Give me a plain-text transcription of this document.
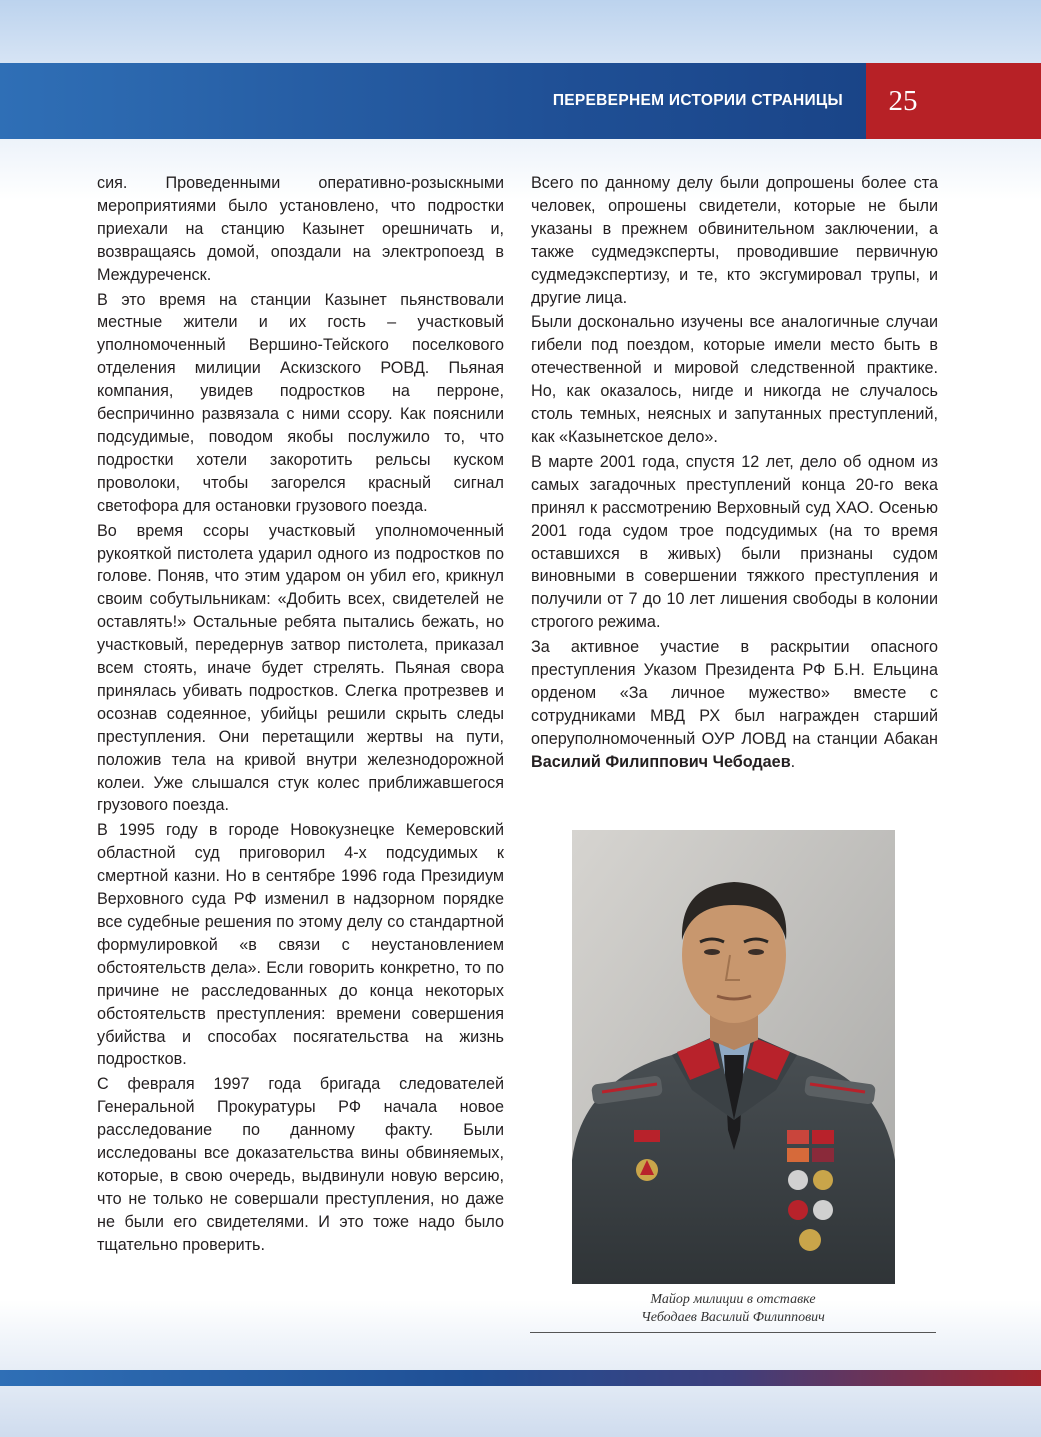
ПЕРЕВЕРНЕМ ИСТОРИИ СТРАНИЦЫ	25

сия. Проведенными оперативно-розыскными мероприятиями было установлено, что подростки приехали на станцию Казынет орешничать и, возвращаясь домой, опоздали на электропоезд в Междуреченск.

В это время на станции Казынет пьянствовали местные жители и их гость – участковый уполномоченный Вершино-Тейского поселкового отделения милиции Аскизского РОВД. Пьяная компания, увидев подростков на перроне, беспричинно развязала с ними ссору. Как пояснили подсудимые, поводом якобы послужило то, что подростки хотели закоротить рельсы куском проволоки, чтобы загорелся красный сигнал светофора для остановки грузового поезда.

Во время ссоры участковый уполномоченный рукояткой пистолета ударил одного из подростков по голове. Поняв, что этим ударом он убил его, крикнул своим собутыльникам: «Добить всех, свидетелей не оставлять!» Остальные ребята пытались бежать, но участковый, передернув затвор пистолета, приказал всем стоять, иначе будет стрелять. Пьяная свора принялась убивать подростков. Слегка протрезвев и осознав содеянное, убийцы решили скрыть следы преступления. Они перетащили жертвы на пути, положив тела на кривой внутри железнодорожной колеи. Уже слышался стук колес приближавшегося грузового поезда.

В 1995 году в городе Новокузнецке Кемеровский областной суд приговорил 4-х подсудимых к смертной казни. Но в сентябре 1996 года Президиум Верховного суда РФ изменил в надзорном порядке все судебные решения по этому делу со стандартной формулировкой «в связи с неустановлением обстоятельств дела». Если говорить конкретно, то по причине не расследованных до конца некоторых обстоятельств преступления: времени совершения убийства и способах посягательства на жизнь подростков.

С февраля 1997 года бригада следователей Генеральной Прокуратуры РФ начала новое расследование по данному факту. Были исследованы все доказательства вины обвиняемых, которые, в свою очередь, выдвинули новую версию, что не только не совершали преступления, но даже не были его свидетелями. И это тоже надо было тщательно проверить.

Всего по данному делу были допрошены более ста человек, опрошены свидетели, которые не были указаны в прежнем обвинительном заключении, а также судмедэксперты, проводившие первичную судмедэкспертизу, и те, кто эксгумировал трупы, и другие лица.

Были досконально изучены все аналогичные случаи гибели под поездом, которые имели место быть в отечественной и мировой следственной практике. Но, как оказалось, нигде и никогда не случалось столь темных, неясных и запутанных преступлений, как «Казынетское дело».

В марте 2001 года, спустя 12 лет, дело об одном из самых загадочных преступлений конца 20-го века принял к рассмотрению Верховный суд ХАО. Осенью 2001 года судом трое подсудимых (на то время оставшихся в живых) были признаны судом виновными в совершении тяжкого преступления и получили от 7 до 10 лет лишения свободы в колонии строгого режима.

За активное участие в раскрытии опасного преступления Указом Президента РФ Б.Н. Ельцина орденом «За личное мужество» вместе с сотрудниками МВД РХ был награжден старший оперуполномоченный ОУР ЛОВД на станции Абакан Василий Филиппович Чебодаев.

Майор милиции в отставке
Чебодаев Василий Филиппович
